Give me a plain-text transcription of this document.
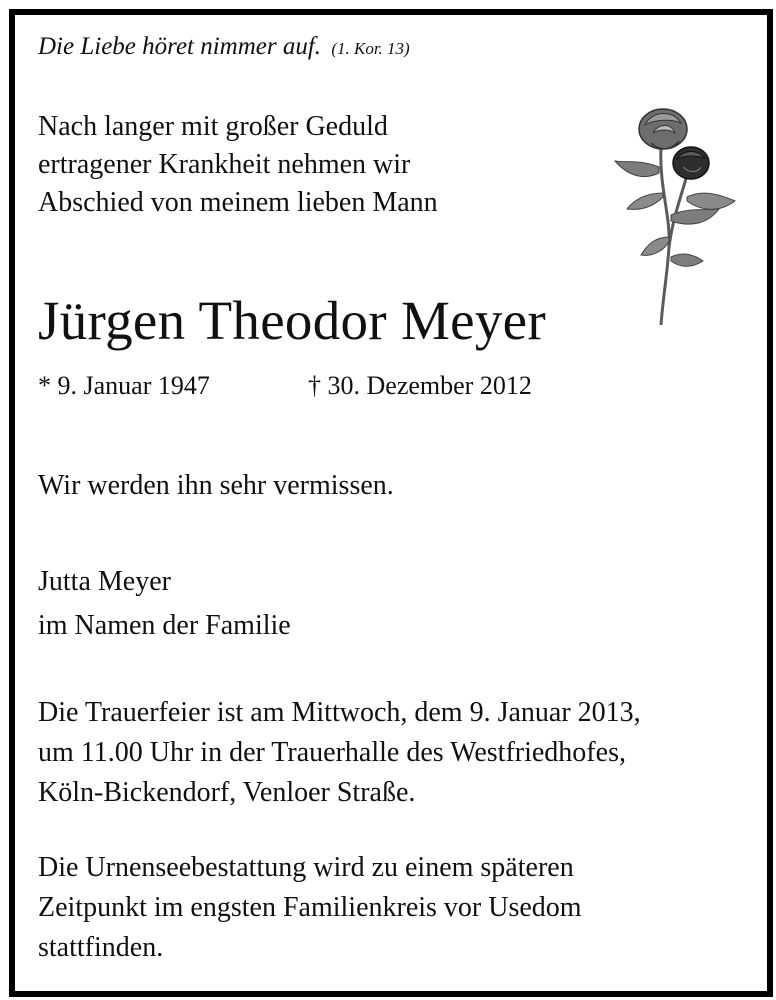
Die Liebe höret nimmer auf. (1. Kor. 13)
Nach langer mit großer Geduld
ertragener Krankheit nehmen wir
Abschied von meinem lieben Mann
Jürgen Theodor Meyer
* 9. Januar 1947	† 30. Dezember 2012
Wir werden ihn sehr vermissen.
Jutta Meyer
im Namen der Familie
Die Trauerfeier ist am Mittwoch, dem 9. Januar 2013,
um 11.00 Uhr in der Trauerhalle des Westfriedhofes,
Köln-Bickendorf, Venloer Straße.
Die Urnenseebestattung wird zu einem späteren
Zeitpunkt im engsten Familienkreis vor Usedom
stattfinden.
